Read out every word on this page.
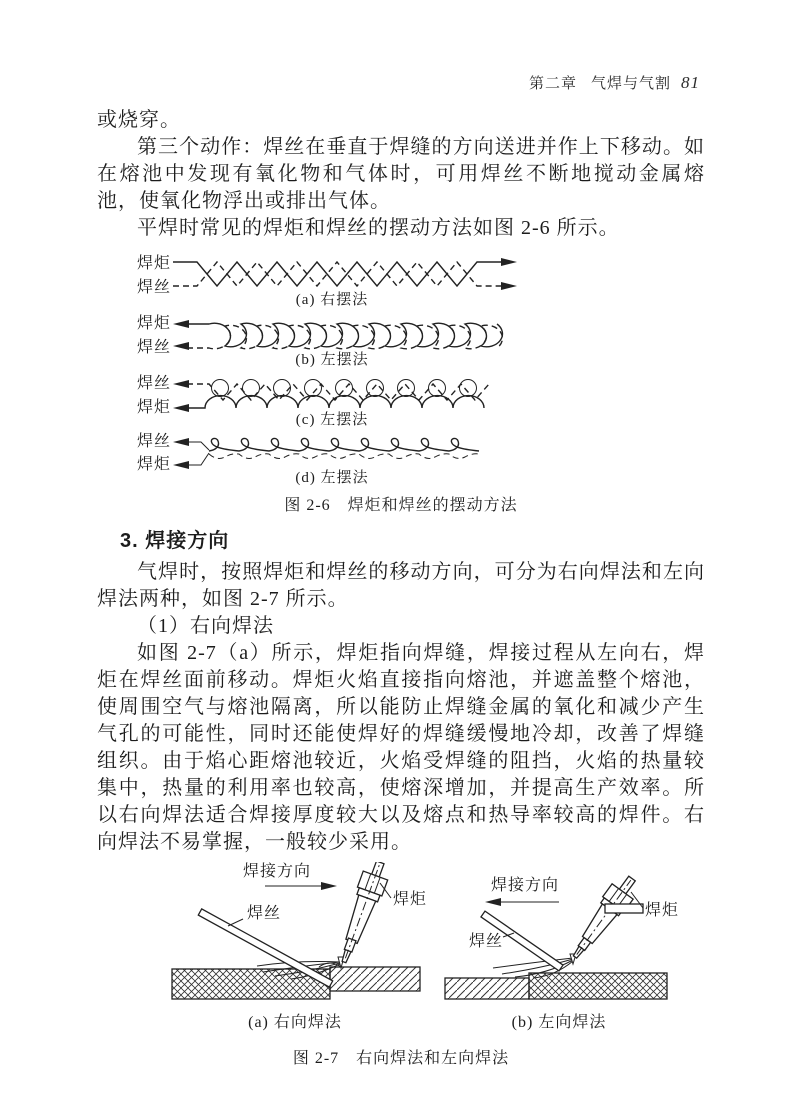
第二章 气焊与气割 81

或烧穿。

第三个动作：焊丝在垂直于焊缝的方向送进并作上下移动。如在熔池中发现有氧化物和气体时，可用焊丝不断地搅动金属熔池，使氧化物浮出或排出气体。

平焊时常见的焊炬和焊丝的摆动方法如图 2-6 所示。

焊炬
焊丝
(a) 右摆法
焊炬
焊丝
(b) 左摆法
焊丝
焊炬
(c) 左摆法
焊丝
焊炬
(d) 左摆法
图 2-6　焊炬和焊丝的摆动方法
3. 焊接方向

气焊时，按照焊炬和焊丝的移动方向，可分为右向焊法和左向焊法两种，如图 2-7 所示。

（1）右向焊法

如图 2-7（a）所示，焊炬指向焊缝，焊接过程从左向右，焊炬在焊丝面前移动。焊炬火焰直接指向熔池，并遮盖整个熔池，使周围空气与熔池隔离，所以能防止焊缝金属的氧化和减少产生气孔的可能性，同时还能使焊好的焊缝缓慢地冷却，改善了焊缝组织。由于焰心距熔池较近，火焰受焊缝的阻挡，火焰的热量较集中，热量的利用率也较高，使熔深增加，并提高生产效率。所以右向焊法适合焊接厚度较大以及熔点和热导率较高的焊件。右向焊法不易掌握，一般较少采用。

焊接方向
焊炬
焊丝
(a) 右向焊法
焊接方向
焊炬
焊丝
(b) 左向焊法
图 2-7　右向焊法和左向焊法
